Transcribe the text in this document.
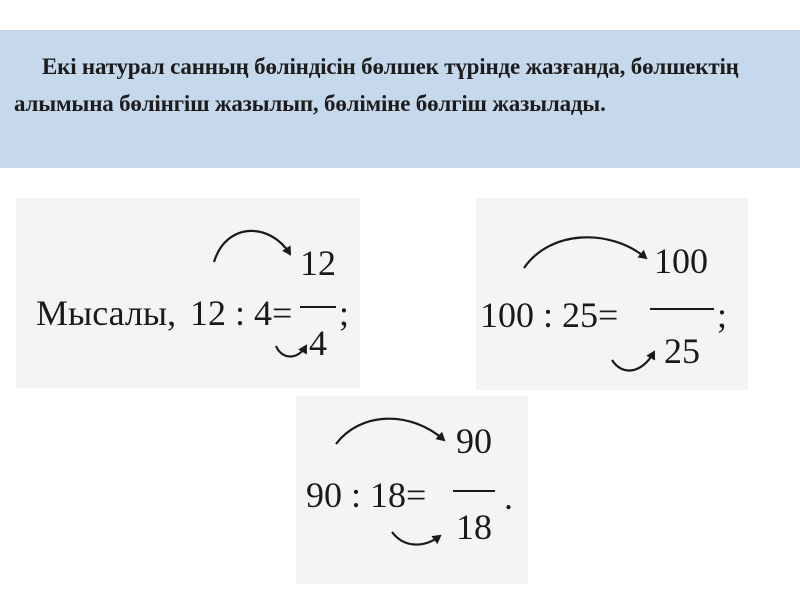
Екі натурал санның бөліндісін бөлшек түрінде жазғанда, бөлшектің алымына бөлінгіш жазылып, бөліміне бөлгіш жазылады.
Мысалы, 12 : 4=
12
4
;	100 : 25=
100
25
;
90 : 18=
90
18
.
